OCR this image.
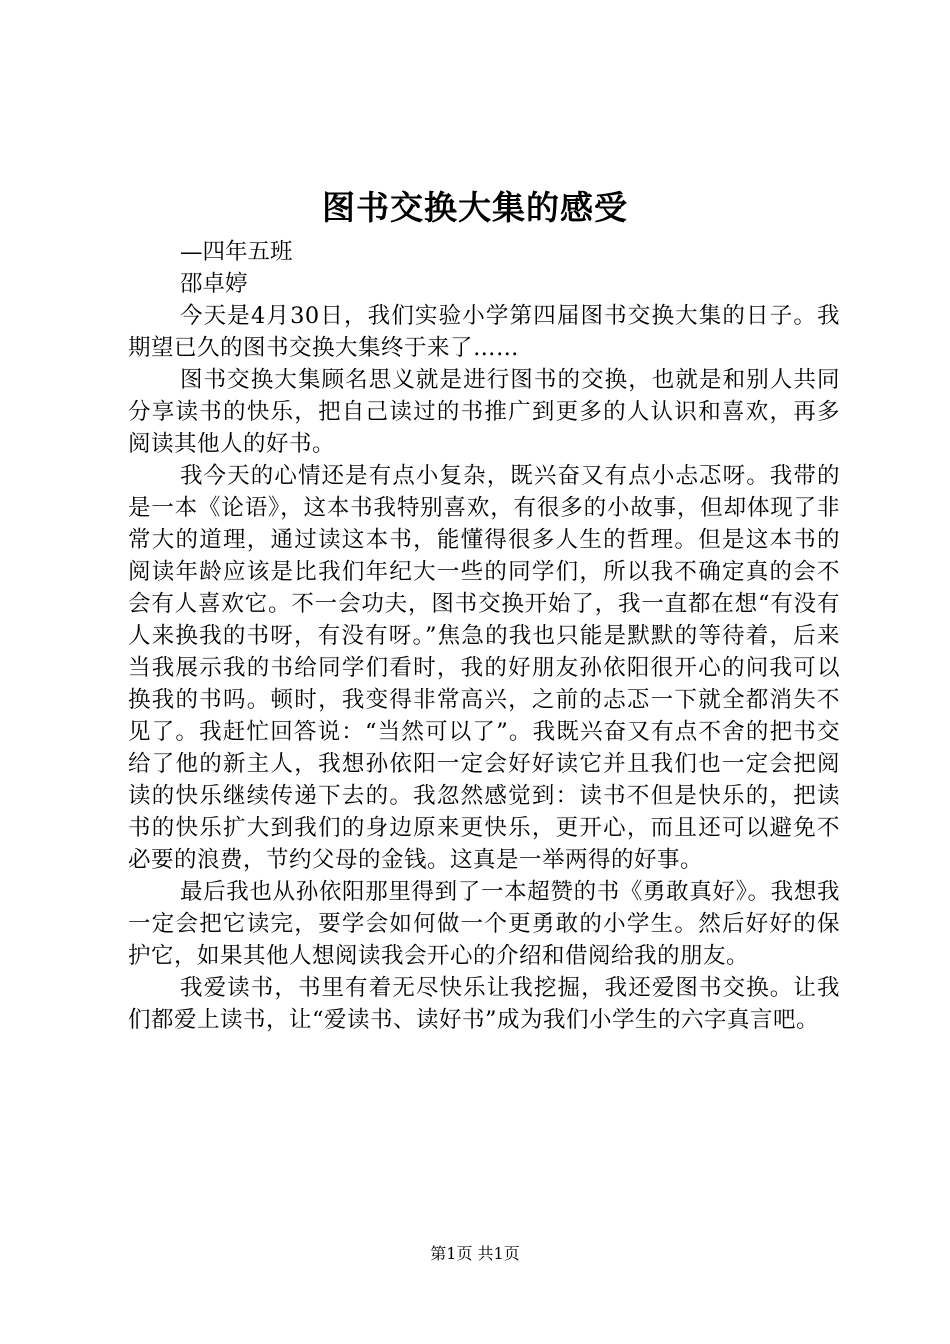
图书交换大集的感受

—四年五班

邵卓婷

今天是4月30日，我们实验小学第四届图书交换大集的日子。我期望已久的图书交换大集终于来了……

图书交换大集顾名思义就是进行图书的交换，也就是和别人共同分享读书的快乐，把自己读过的书推广到更多的人认识和喜欢，再多阅读其他人的好书。

我今天的心情还是有点小复杂，既兴奋又有点小忐忑呀。我带的是一本《论语》，这本书我特别喜欢，有很多的小故事，但却体现了非常大的道理，通过读这本书，能懂得很多人生的哲理。但是这本书的阅读年龄应该是比我们年纪大一些的同学们，所以我不确定真的会不会有人喜欢它。不一会功夫，图书交换开始了，我一直都在想“有没有人来换我的书呀，有没有呀。”焦急的我也只能是默默的等待着，后来当我展示我的书给同学们看时，我的好朋友孙依阳很开心的问我可以换我的书吗。顿时，我变得非常高兴，之前的忐忑一下就全都消失不见了。我赶忙回答说：“当然可以了”。我既兴奋又有点不舍的把书交给了他的新主人，我想孙依阳一定会好好读它并且我们也一定会把阅读的快乐继续传递下去的。我忽然感觉到：读书不但是快乐的，把读书的快乐扩大到我们的身边原来更快乐，更开心，而且还可以避免不必要的浪费，节约父母的金钱。这真是一举两得的好事。

最后我也从孙依阳那里得到了一本超赞的书《勇敢真好》。我想我一定会把它读完，要学会如何做一个更勇敢的小学生。然后好好的保护它，如果其他人想阅读我会开心的介绍和借阅给我的朋友。

我爱读书，书里有着无尽快乐让我挖掘，我还爱图书交换。让我们都爱上读书，让“爱读书、读好书”成为我们小学生的六字真言吧。

第1页 共1页
